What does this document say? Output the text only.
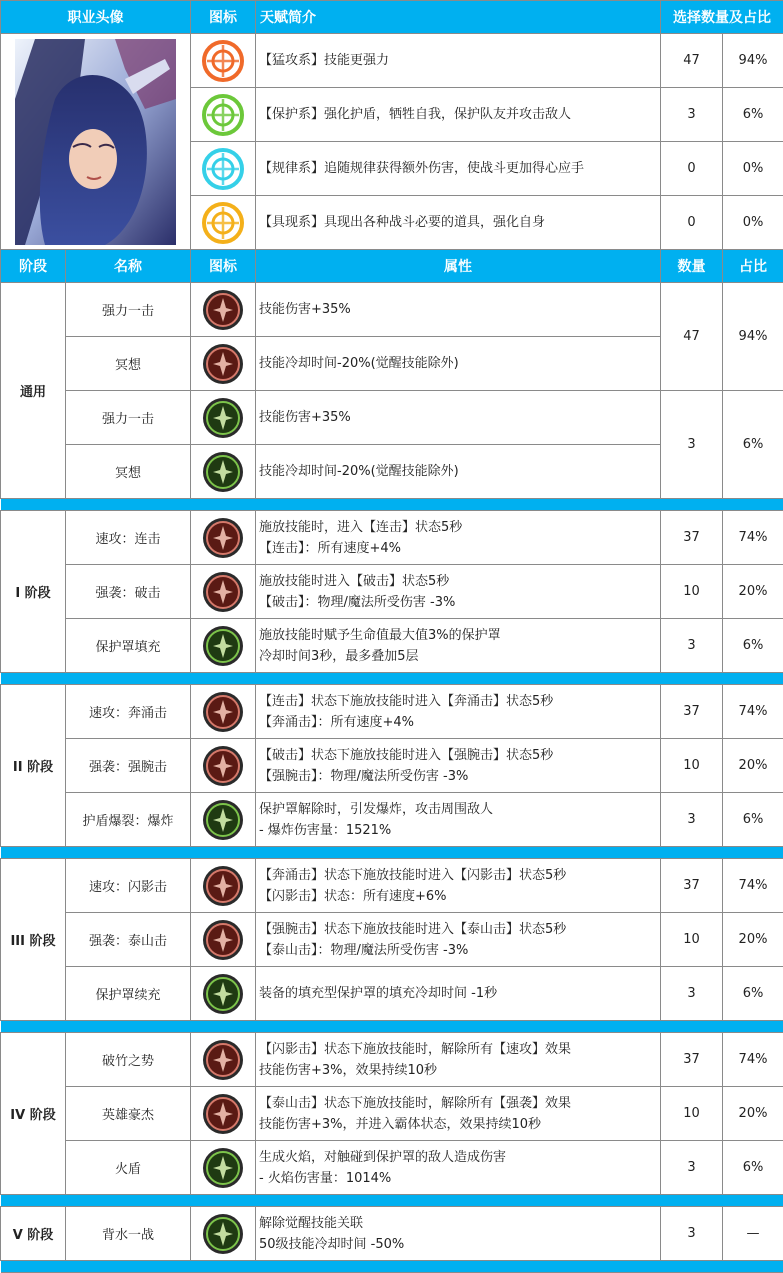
职业头像		图标	天赋简介	选择数量及占比	

		【猛攻系】技能更强力	47	94%
	【保护系】强化护盾，牺牲自我，保护队友并攻击敌人	3	6%
	【规律系】追随规律获得额外伤害，使战斗更加得心应手	0	0%
	【具现系】具现出各种战斗必要的道具，强化自身	0	0%
阶段	名称	图标	属性	数量	占比
通用	强力一击		技能伤害+35%	47	94%
	冥想		技能冷却时间-20%(觉醒技能除外)		

	强力一击		技能伤害+35%	3	6%
	冥想		技能冷却时间-20%(觉醒技能除外)		

I 阶段	速攻：连击		施放技能时，进入【连击】状态5秒
【连击】：所有速度+4%	37	74%
	强袭：破击		施放技能时进入【破击】状态5秒
【破击】：物理/魔法所受伤害 -3%	10	20%
	保护罩填充		施放技能时赋予生命值最大值3%的保护罩
冷却时间3秒，最多叠加5层	3	6%

II 阶段	速攻：奔涌击		【连击】状态下施放技能时进入【奔涌击】状态5秒
【奔涌击】：所有速度+4%	37	74%
	强袭：强腕击		【破击】状态下施放技能时进入【强腕击】状态5秒
【强腕击】：物理/魔法所受伤害 -3%	10	20%
	护盾爆裂：爆炸		保护罩解除时，引发爆炸，攻击周围敌人
- 爆炸伤害量：1521%	3	6%

III 阶段	速攻：闪影击		【奔涌击】状态下施放技能时进入【闪影击】状态5秒
【闪影击】状态：所有速度+6%	37	74%
	强袭：泰山击		【强腕击】状态下施放技能时进入【泰山击】状态5秒
【泰山击】：物理/魔法所受伤害 -3%	10	20%
	保护罩续充		装备的填充型保护罩的填充冷却时间 -1秒	3	6%

IV 阶段	破竹之势		【闪影击】状态下施放技能时，解除所有【速攻】效果
技能伤害+3%，效果持续10秒	37	74%
	英雄豪杰		【泰山击】状态下施放技能时，解除所有【强袭】效果
技能伤害+3%，并进入霸体状态，效果持续10秒	10	20%
	火盾		生成火焰，对触碰到保护罩的敌人造成伤害
- 火焰伤害量：1014%	3	6%

V 阶段	背水一战		解除觉醒技能关联
50级技能冷却时间 -50%	3	—
